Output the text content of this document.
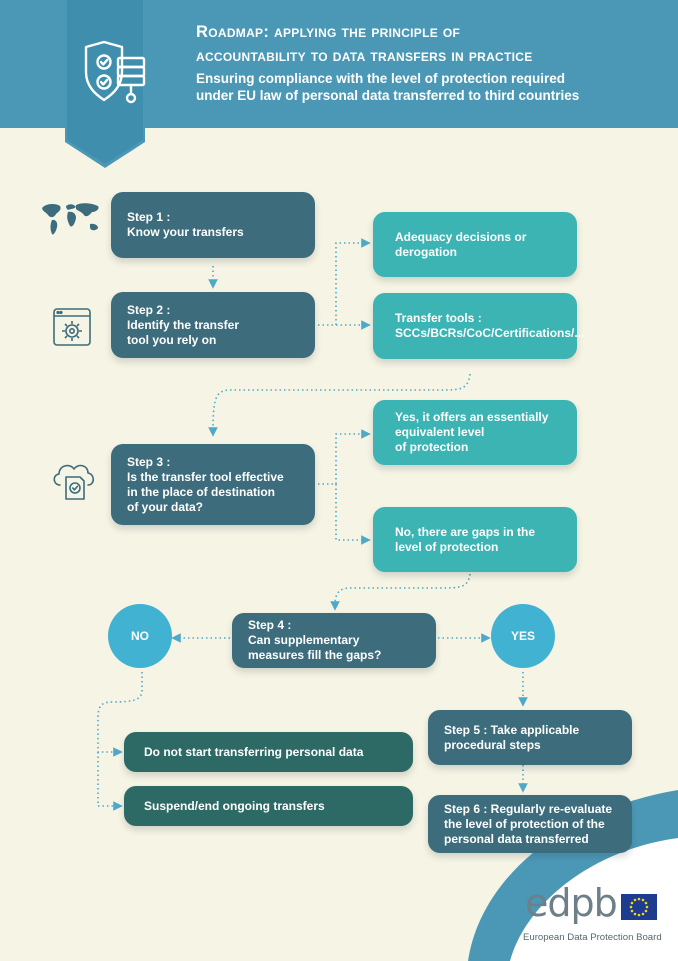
Roadmap: applying the principle of
accountability to data transfers in practice
Ensuring compliance with the level of protection required
under EU law of personal data transferred to third countries
Step 1 :
Know your transfers
Step 2 :
Identify the transfer
tool you rely on
Step 3 :
Is the transfer tool effective
in the place of destination
of your data?
Step 4 :
Can supplementary
measures fill the gaps?
Step 5 : Take applicable
procedural steps
Step 6 : Regularly re-evaluate
the level of protection of the
personal data transferred
Adequacy decisions or
derogation
Transfer tools :
SCCs/BCRs/CoC/Certifications/...
Yes, it offers an essentially
equivalent level
of protection
No, there are gaps in the
level of protection
NO	YES
Do not start transferring personal data
Suspend/end ongoing transfers
edpb
European Data Protection Board
